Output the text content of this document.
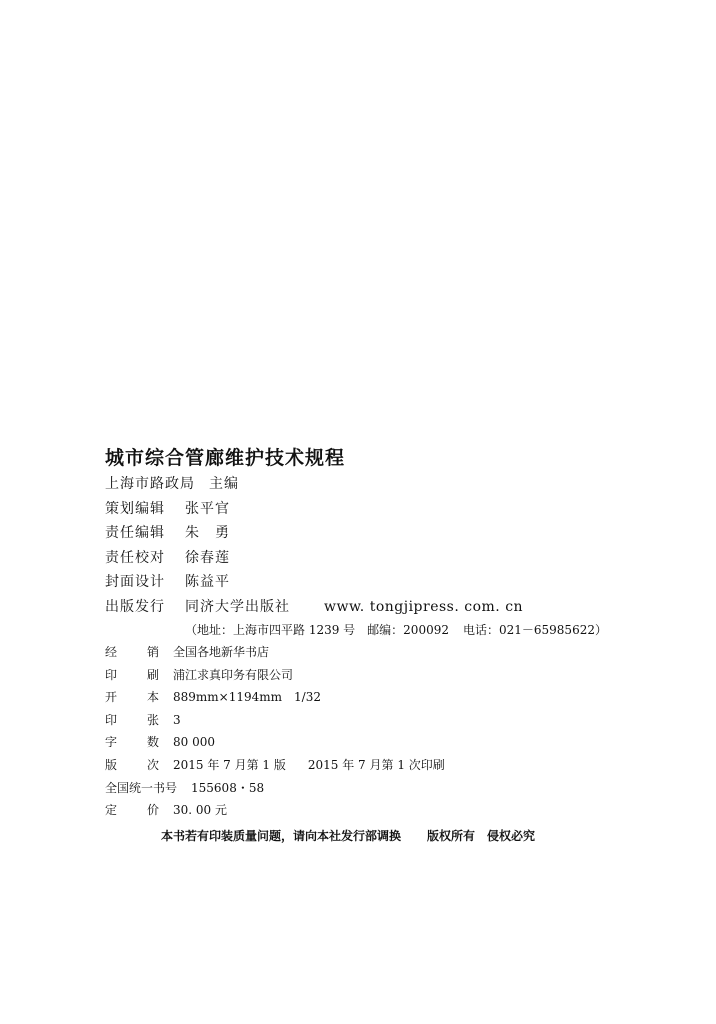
城市综合管廊维护技术规程
上海市路政局 主编
策划编辑	张平官
责任编辑	朱　勇
责任校对	徐春莲
封面设计	陈益平
出版发行	同济大学出版社 www. tongjipress. com. cn
（地址：上海市四平路 1239 号 邮编：200092 电话：021－65985622）
经 销 全国各地新华书店
印 刷 浦江求真印务有限公司
开 本 889mm×1194mm　1/32
印 张 3
字 数 80 000
版 次 2015 年 7 月第 1 版 2015 年 7 月第 1 次印刷
全国统一书号 155608・58
定 价 30. 00 元
本书若有印装质量问题，请向本社发行部调换 版权所有 侵权必究
